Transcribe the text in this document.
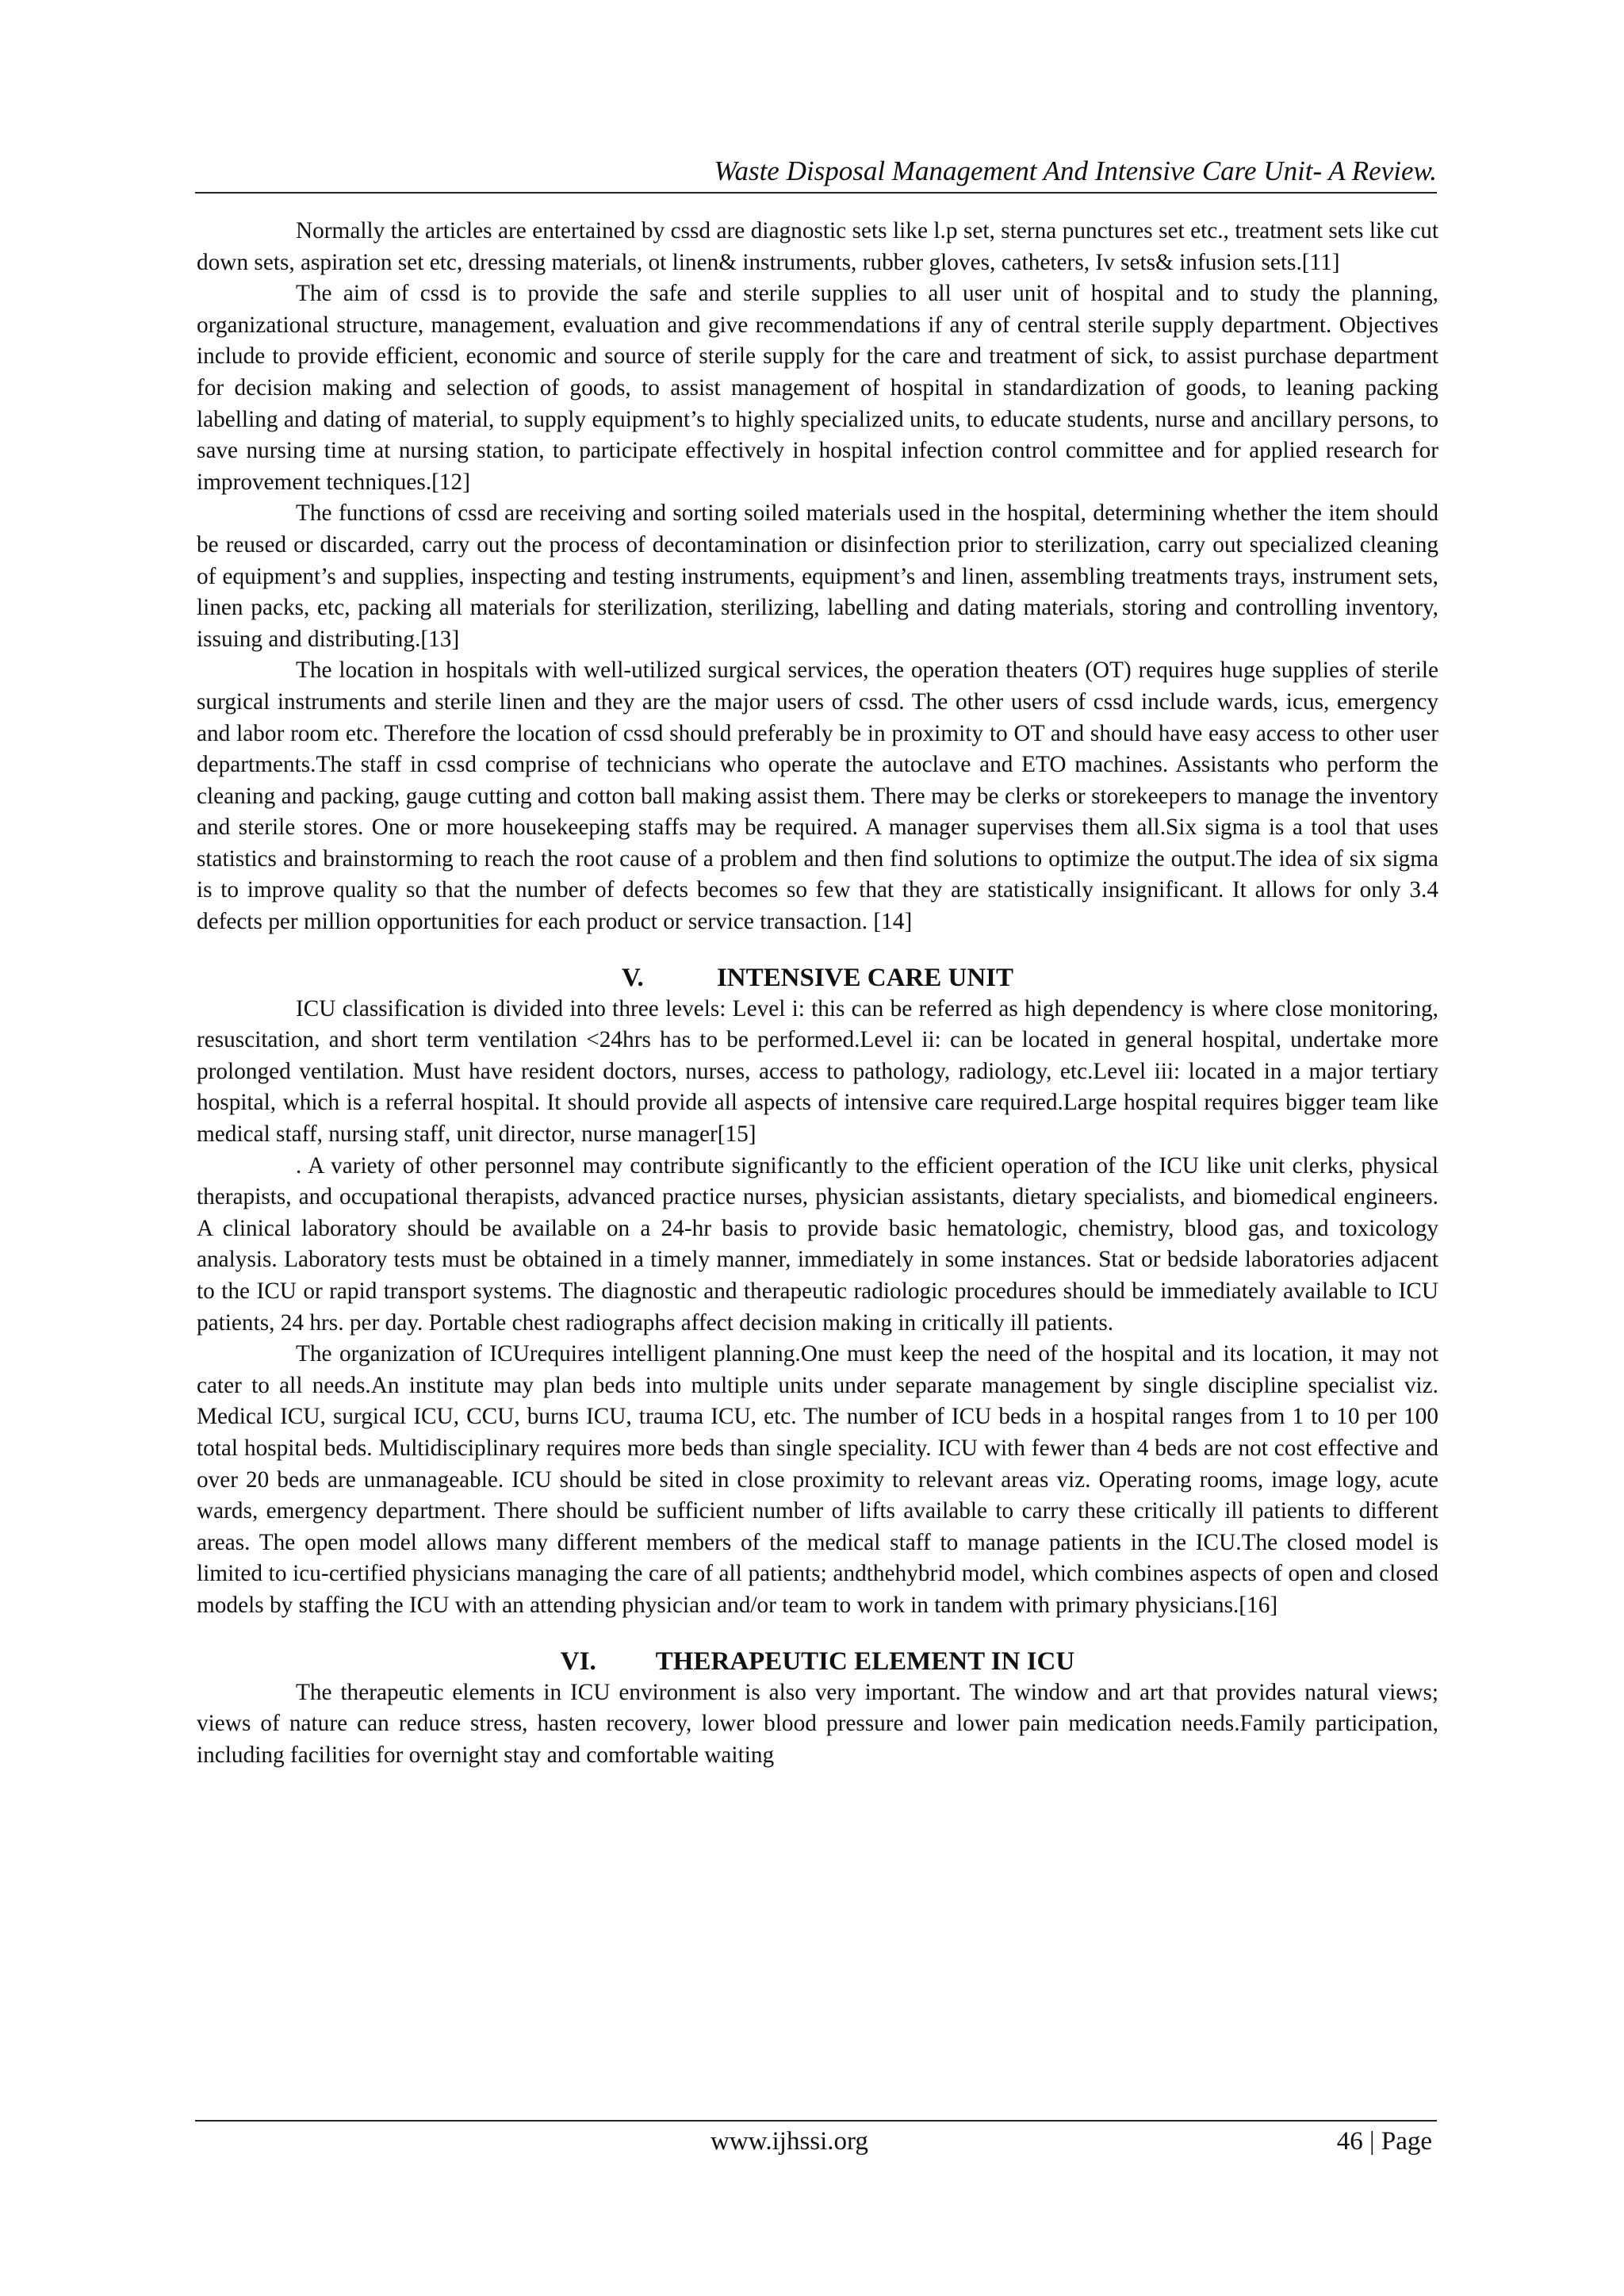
Waste Disposal Management And Intensive Care Unit- A Review.

Normally the articles are entertained by cssd are diagnostic sets like l.p set, sterna punctures set etc., treatment sets like cut down sets, aspiration set etc, dressing materials, ot linen& instruments, rubber gloves, catheters, Iv sets& infusion sets.[11]

The aim of cssd is to provide the safe and sterile supplies to all user unit of hospital and to study the planning, organizational structure, management, evaluation and give recommendations if any of central sterile supply department. Objectives include to provide efficient, economic and source of sterile supply for the care and treatment of sick, to assist purchase department for decision making and selection of goods, to assist management of hospital in standardization of goods, to leaning packing labelling and dating of material, to supply equipment’s to highly specialized units, to educate students, nurse and ancillary persons, to save nursing time at nursing station, to participate effectively in hospital infection control committee and for applied research for improvement techniques.[12]

The functions of cssd are receiving and sorting soiled materials used in the hospital, determining whether the item should be reused or discarded, carry out the process of decontamination or disinfection prior to sterilization, carry out specialized cleaning of equipment’s and supplies, inspecting and testing instruments, equipment’s and linen, assembling treatments trays, instrument sets, linen packs, etc, packing all materials for sterilization, sterilizing, labelling and dating materials, storing and controlling inventory, issuing and distributing.[13]

The location in hospitals with well-utilized surgical services, the operation theaters (OT) requires huge supplies of sterile surgical instruments and sterile linen and they are the major users of cssd. The other users of cssd include wards, icus, emergency and labor room etc. Therefore the location of cssd should preferably be in proximity to OT and should have easy access to other user departments.The staff in cssd comprise of technicians who operate the autoclave and ETO machines. Assistants who perform the cleaning and packing, gauge cutting and cotton ball making assist them. There may be clerks or storekeepers to manage the inventory and sterile stores. One or more housekeeping staffs may be required. A manager supervises them all.Six sigma is a tool that uses statistics and brainstorming to reach the root cause of a problem and then find solutions to optimize the output.The idea of six sigma is to improve quality so that the number of defects becomes so few that they are statistically insignificant. It allows for only 3.4 defects per million opportunities for each product or service transaction. [14]

V.	INTENSIVE CARE UNIT

ICU classification is divided into three levels: Level i: this can be referred as high dependency is where close monitoring, resuscitation, and short term ventilation <24hrs has to be performed.Level ii: can be located in general hospital, undertake more prolonged ventilation. Must have resident doctors, nurses, access to pathology, radiology, etc.Level iii: located in a major tertiary hospital, which is a referral hospital. It should provide all aspects of intensive care required.Large hospital requires bigger team like medical staff, nursing staff, unit director, nurse manager[15]

. A variety of other personnel may contribute significantly to the efficient operation of the ICU like unit clerks, physical therapists, and occupational therapists, advanced practice nurses, physician assistants, dietary specialists, and biomedical engineers. A clinical laboratory should be available on a 24-hr basis to provide basic hematologic, chemistry, blood gas, and toxicology analysis. Laboratory tests must be obtained in a timely manner, immediately in some instances. Stat or bedside laboratories adjacent to the ICU or rapid transport systems. The diagnostic and therapeutic radiologic procedures should be immediately available to ICU patients, 24 hrs. per day. Portable chest radiographs affect decision making in critically ill patients.

The organization of ICUrequires intelligent planning.One must keep the need of the hospital and its location, it may not cater to all needs.An institute may plan beds into multiple units under separate management by single discipline specialist viz. Medical ICU, surgical ICU, CCU, burns ICU, trauma ICU, etc. The number of ICU beds in a hospital ranges from 1 to 10 per 100 total hospital beds. Multidisciplinary requires more beds than single speciality. ICU with fewer than 4 beds are not cost effective and over 20 beds are unmanageable. ICU should be sited in close proximity to relevant areas viz. Operating rooms, image logy, acute wards, emergency department. There should be sufficient number of lifts available to carry these critically ill patients to different areas. The open model allows many different members of the medical staff to manage patients in the ICU.The closed model is limited to icu-certified physicians managing the care of all patients; andthehybrid model, which combines aspects of open and closed models by staffing the ICU with an attending physician and/or team to work in tandem with primary physicians.[16]

VI. THERAPEUTIC ELEMENT IN ICU

The therapeutic elements in ICU environment is also very important. The window and art that provides natural views; views of nature can reduce stress, hasten recovery, lower blood pressure and lower pain medication needs.Family participation, including facilities for overnight stay and comfortable waiting

www.ijhssi.org	46 | Page
